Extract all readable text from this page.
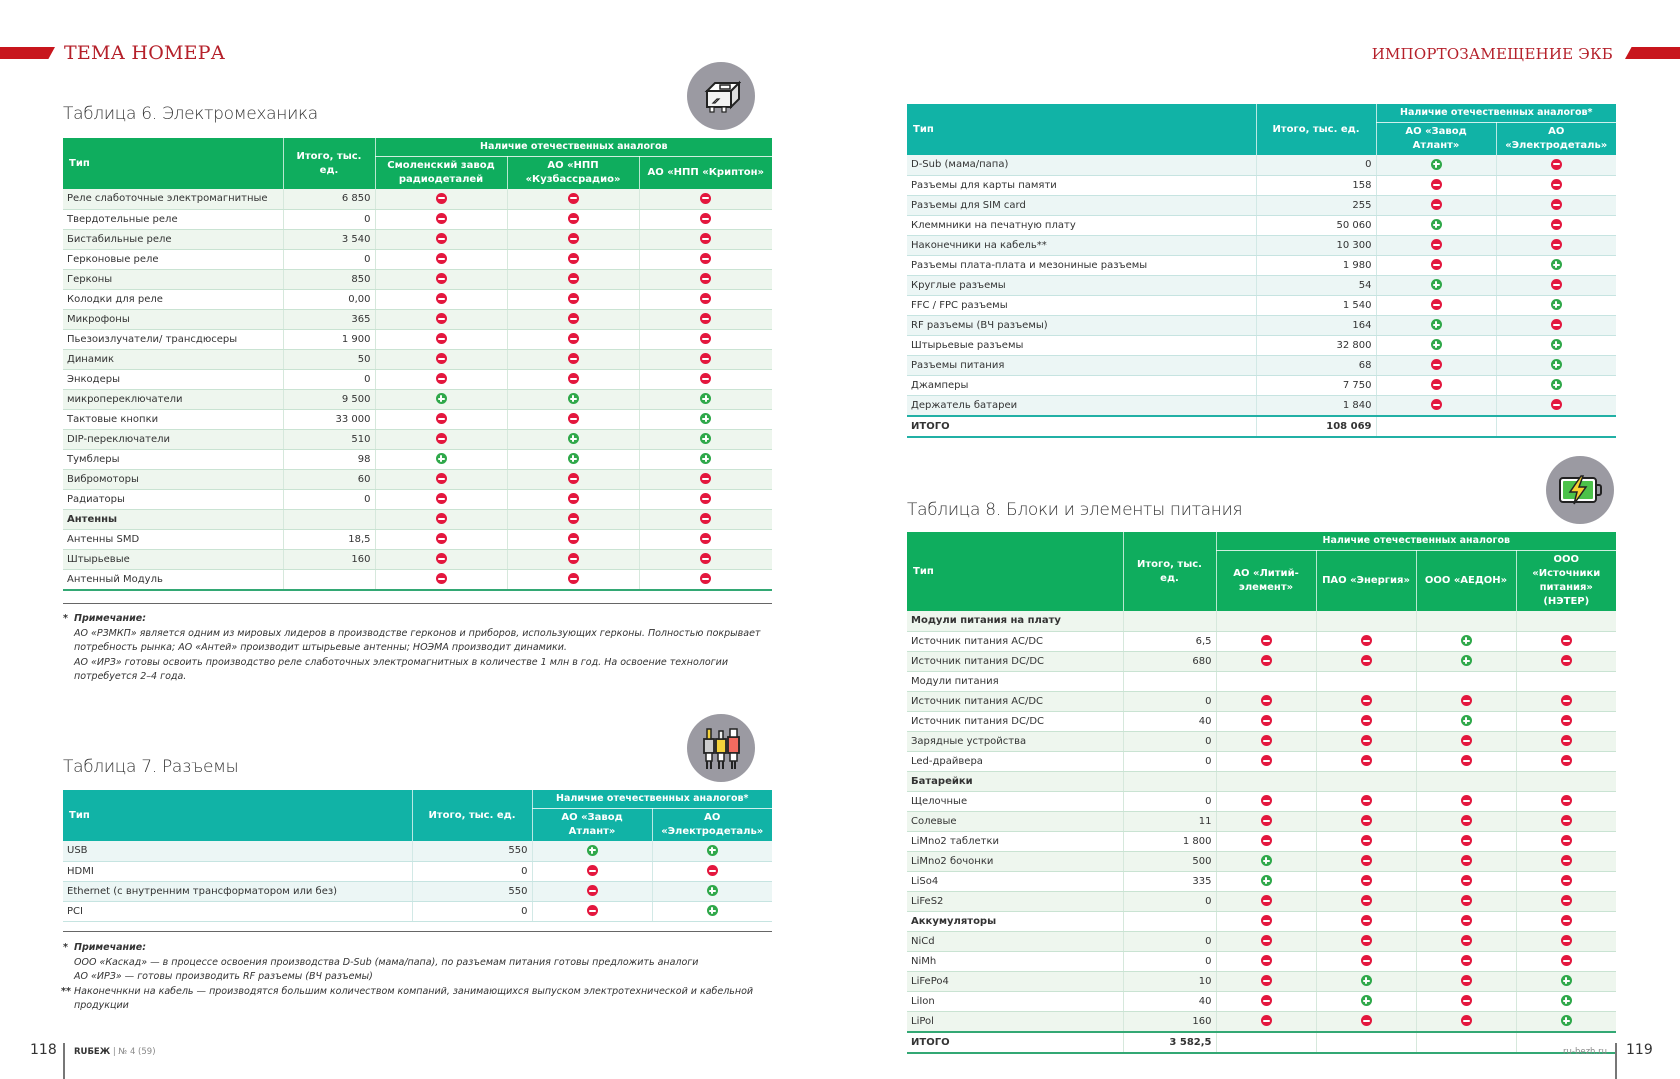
ТЕМА НОМЕРА	ИМПОРТОЗАМЕЩЕНИЕ ЭКБ
Таблица 6. Электромеханика
Тип	Итого, тыс. ед.	Наличие отечественных аналогов		
		Смоленский завод радиодеталей	АО «НПП «Кузбассрадио»	АО «НПП «Криптон»
Реле слаботочные электромагнитные	6 850			
Твердотельные реле	0			
Бистабильные реле	3 540			
Герконовые реле	0			
Герконы	850			
Колодки для реле	0,00			
Микрофоны	365			
Пьезоизлучатели/ трансдюсеры	1 900			
Динамик	50			
Энкодеры	0			
микропереключатели	9 500			
Тактовые кнопки	33 000			
DIP-переключатели	510			
Тумблеры	98			
Вибромоторы	60			
Радиаторы	0			
Антенны				
Антенны SMD	18,5			
Штырьевые	160			
Антенный Модуль				
* Примечание:

АО «РЗМКП» является одним из мировых лидеров в производстве герконов и приборов, использующих герконы. Полностью покрывает потребность рынка; АО «Антей» производит штырьевые антенны; НОЭМА производит динамики.

АО «ИРЗ» готовы освоить производство реле слаботочных электромагнитных в количестве 1 млн в год. На освоение технологии потребуется 2–4 года.

Таблица 7. Разъемы
Тип	Итого, тыс. ед.	Наличие отечественных аналогов*	
		АО «Завод Атлант»	АО «Электродеталь»
USB	550		
HDMI	0		
Ethernet (с внутренним трансформатором или без)	550		
PCI	0		
* Примечание:

ООО «Каскад» — в процессе освоения производства D-Sub (мама/папа), по разъемам питания готовы предложить аналоги

АО «ИРЗ» — готовы производить RF разъемы (ВЧ разъемы)

** Наконечнкни на кабель — производятся большим количеством компаний, занимающихся выпуском электротехнической и кабельной продукции

Тип	Итого, тыс. ед.	Наличие отечественных аналогов*	
		АО «Завод Атлант»	АО «Электродеталь»
D-Sub (мама/папа)	0		
Разъемы для карты памяти	158		
Разъемы для SIM card	255		
Клеммники на печатную плату	50 060		
Наконечники на кабель**	10 300		
Разъемы плата-плата и мезониные разъемы	1 980		
Круглые разъемы	54		
FFC / FPC разъемы	1 540		
RF разъемы (ВЧ разъемы)	164		
Штырьевые разъемы	32 800		
Разъемы питания	68		
Джамперы	7 750		
Держатель батареи	1 840		
ИТОГО	108 069		
Таблица 8. Блоки и элементы питания
Тип	Итого, тыс. ед.	Наличие отечественных аналогов			
		АО «Литий-элемент»	ПАО «Энергия»	ООО «АЕДОН»	ООО «Источники питания» (НЭТЕР)
Модули питания на плату					
Источник питания AC/DC	6,5				
Источник питания DC/DC	680				
Модули питания					
Источник питания AC/DC	0				
Источник питания DC/DC	40				
Зарядные устройства	0				
Led-драйвера	0				
Батарейки					
Щелочные	0				
Солевые	11				
LiMno2 таблетки	1 800				
LiMno2 бочонки	500				
LiSo4	335				
LiFeS2	0				
Аккумуляторы					
NiCd	0				
NiMh	0				
LiFePo4	10				
LiIon	40				
LiPol	160				
ИТОГО	3 582,5				
118 RUБЕЖ | № 4 (59)	ru-bezh.ru 119
